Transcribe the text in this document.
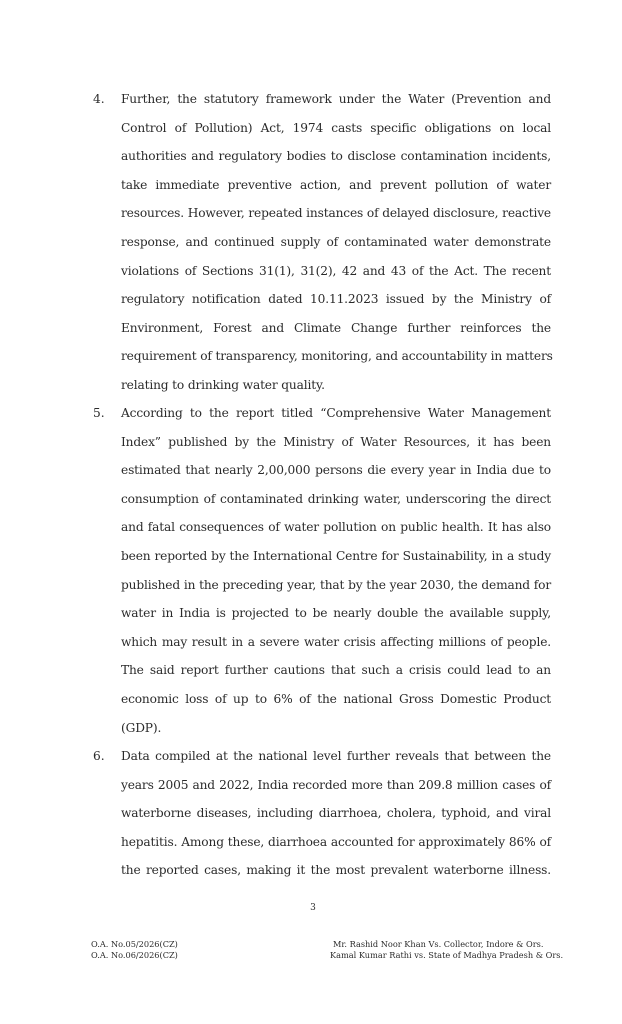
4. Further, the statutory framework under the Water (Prevention and
Control of Pollution) Act, 1974 casts specific obligations on local
authorities and regulatory bodies to disclose contamination incidents,
take immediate preventive action, and prevent pollution of water
resources. However, repeated instances of delayed disclosure, reactive
response, and continued supply of contaminated water demonstrate
violations of Sections 31(1), 31(2), 42 and 43 of the Act. The recent
regulatory notification dated 10.11.2023 issued by the Ministry of
Environment, Forest and Climate Change further reinforces the
requirement of transparency, monitoring, and accountability in matters
relating to drinking water quality.
5. According to the report titled “Comprehensive Water Management
Index” published by the Ministry of Water Resources, it has been
estimated that nearly 2,00,000 persons die every year in India due to
consumption of contaminated drinking water, underscoring the direct
and fatal consequences of water pollution on public health. It has also
been reported by the International Centre for Sustainability, in a study
published in the preceding year, that by the year 2030, the demand for
water in India is projected to be nearly double the available supply,
which may result in a severe water crisis affecting millions of people.
The said report further cautions that such a crisis could lead to an
economic loss of up to 6% of the national Gross Domestic Product
(GDP).
6. Data compiled at the national level further reveals that between the
years 2005 and 2022, India recorded more than 209.8 million cases of
waterborne diseases, including diarrhoea, cholera, typhoid, and viral
hepatitis. Among these, diarrhoea accounted for approximately 86% of
the reported cases, making it the most prevalent waterborne illness.
3
O.A. No.05/2026(CZ)
O.A. No.06/2026(CZ)
Mr. Rashid Noor Khan Vs. Collector, Indore & Ors.
Kamal Kumar Rathi vs. State of Madhya Pradesh & Ors.
